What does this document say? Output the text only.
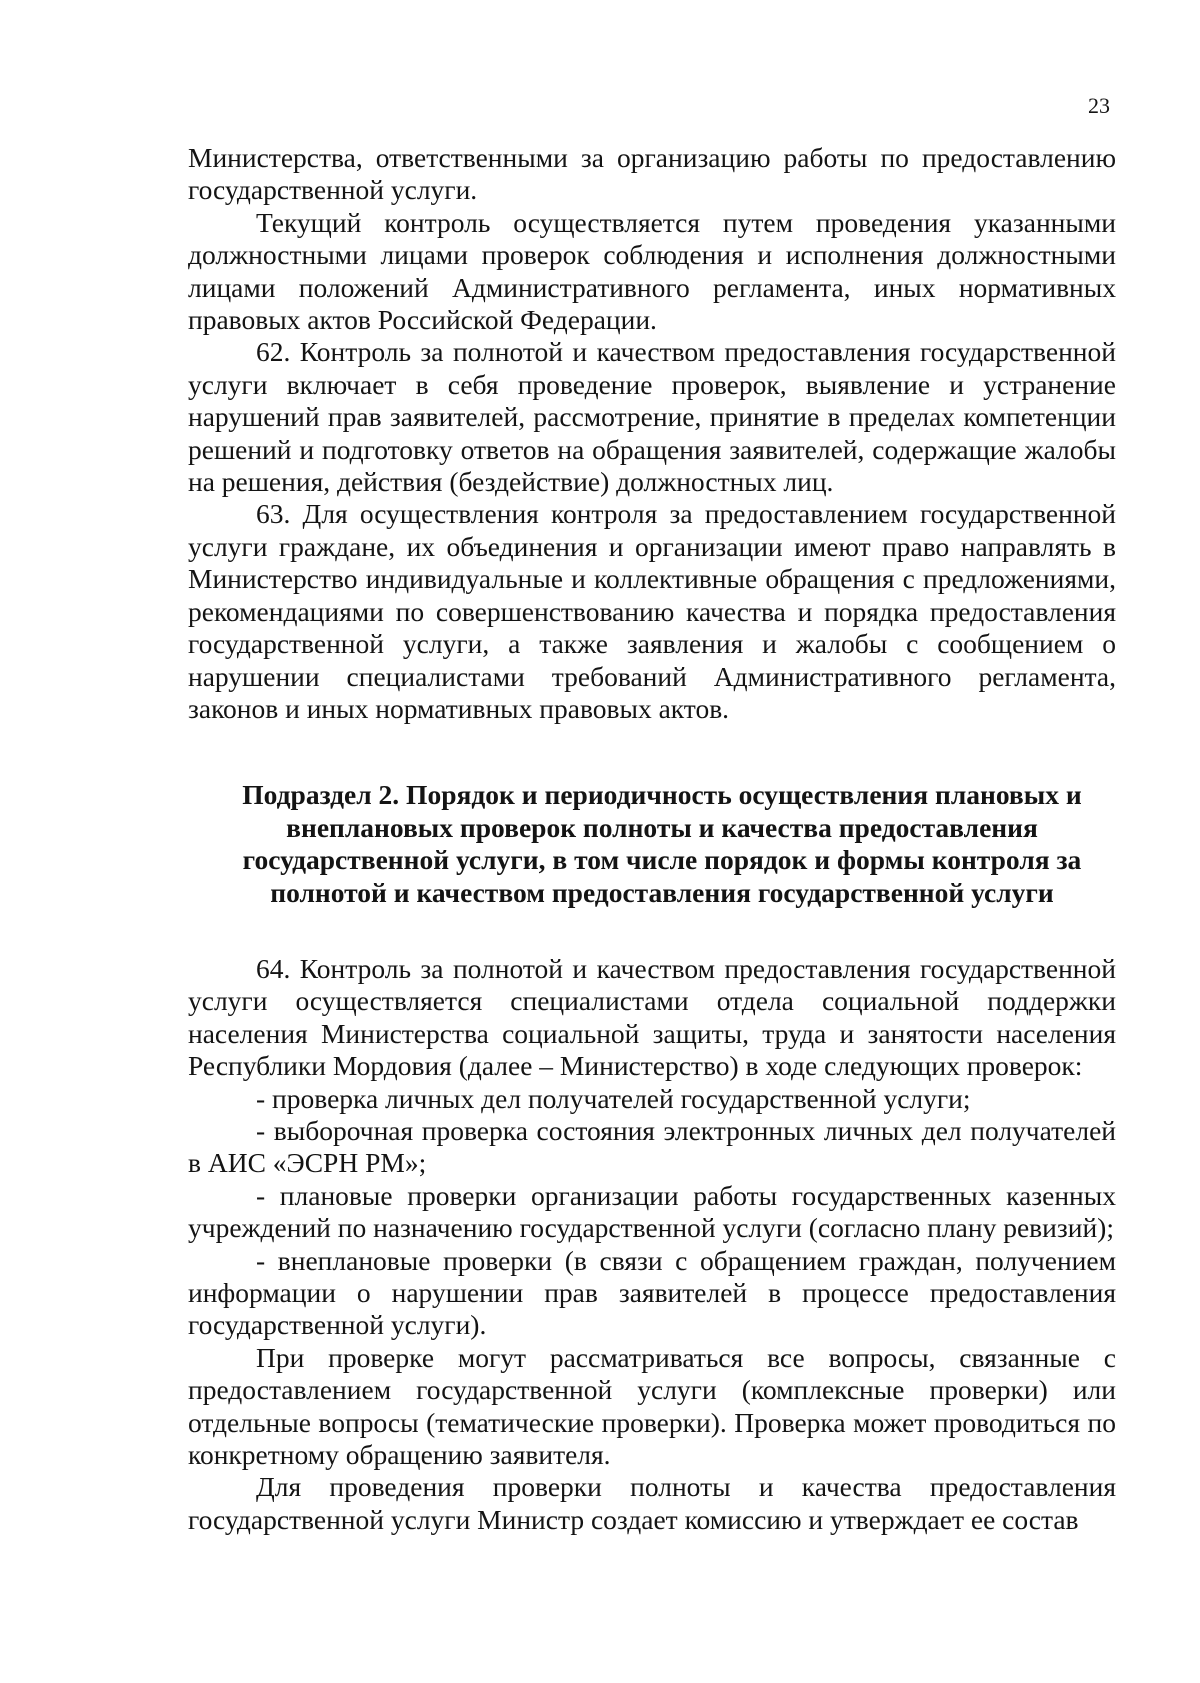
23

Министерства, ответственными за организацию работы по предоставлению государственной услуги.

Текущий контроль осуществляется путем проведения указанными должностными лицами проверок соблюдения и исполнения должностными лицами положений Административного регламента, иных нормативных правовых актов Российской Федерации.

62. Контроль за полнотой и качеством предоставления государственной услуги включает в себя проведение проверок, выявление и устранение нарушений прав заявителей, рассмотрение, принятие в пределах компетенции решений и подготовку ответов на обращения заявителей, содержащие жалобы на решения, действия (бездействие) должностных лиц.

63. Для осуществления контроля за предоставлением государственной услуги граждане, их объединения и организации имеют право направлять в Министерство индивидуальные и коллективные обращения с предложениями, рекомендациями по совершенствованию качества и порядка предоставления государственной услуги, а также заявления и жалобы с сообщением о нарушении специалистами требований Административного регламента, законов и иных нормативных правовых актов.

Подраздел 2. Порядок и периодичность осуществления плановых и
внеплановых проверок полноты и качества предоставления
государственной услуги, в том числе порядок и формы контроля за
полнотой и качеством предоставления государственной услуги

64. Контроль за полнотой и качеством предоставления государственной услуги осуществляется специалистами отдела социальной поддержки населения Министерства социальной защиты, труда и занятости населения Республики Мордовия (далее – Министерство) в ходе следующих проверок:

- проверка личных дел получателей государственной услуги;

- выборочная проверка состояния электронных личных дел получателей в АИС «ЭСРН РМ»;

- плановые проверки организации работы государственных казенных учреждений по назначению государственной услуги (согласно плану ревизий);

- внеплановые проверки (в связи с обращением граждан, получением информации о нарушении прав заявителей в процессе предоставления государственной услуги).

При проверке могут рассматриваться все вопросы, связанные с предоставлением государственной услуги (комплексные проверки) или отдельные вопросы (тематические проверки). Проверка может проводиться по конкретному обращению заявителя.

Для проведения проверки полноты и качества предоставления государственной услуги Министр создает комиссию и утверждает ее состав
